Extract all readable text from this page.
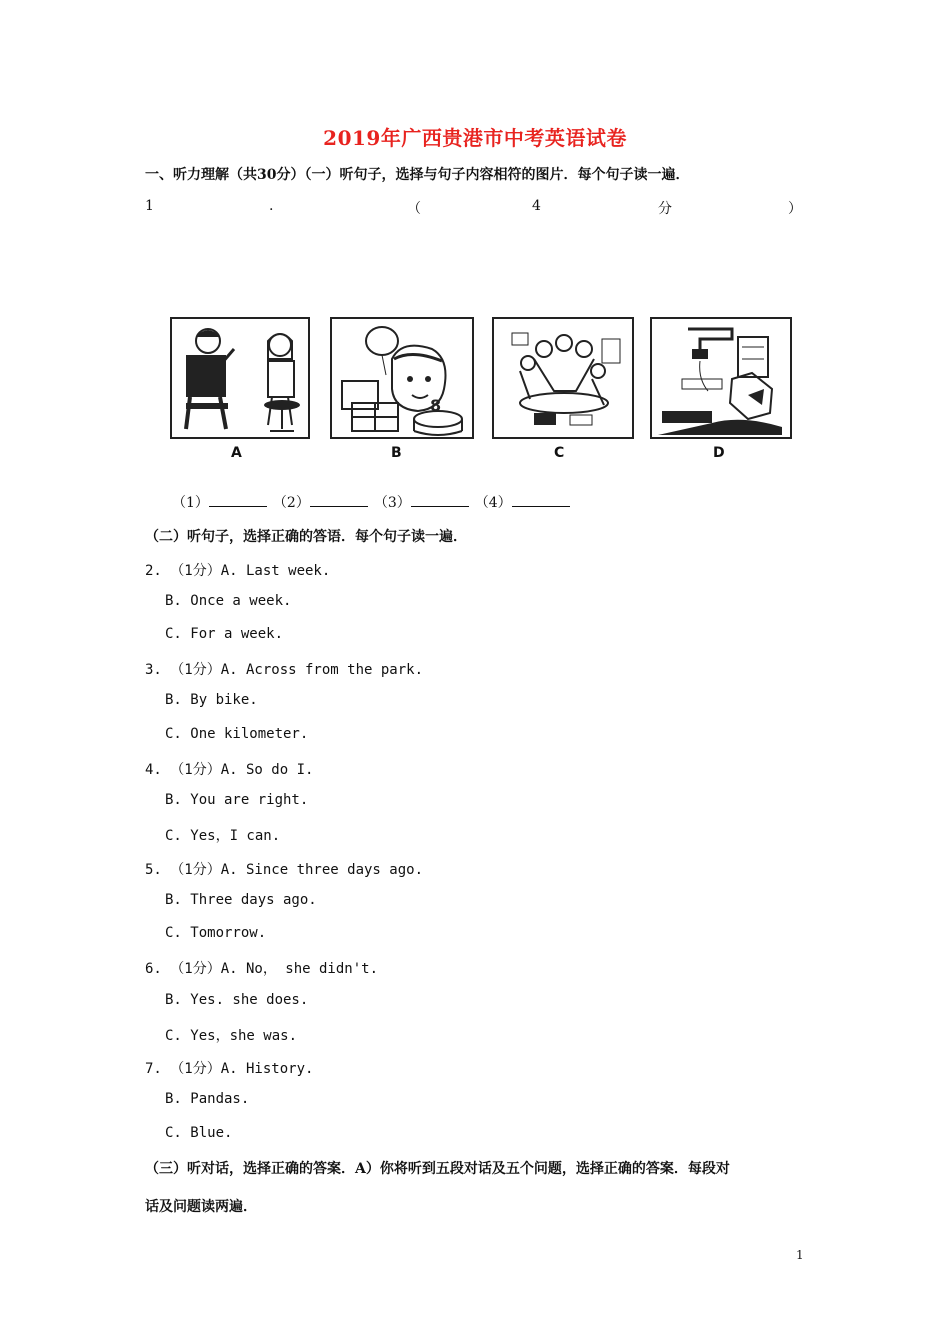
2019年广西贵港市中考英语试卷
一、听力理解（共30分）（一）听句子，选择与句子内容相符的图片．每个句子读一遍．
1	.	（	4	分	）
8
A	B	C	D
（1）	（2）	（3）	（4）
（二）听句子，选择正确的答语．每个句子读一遍．
2. （1分）A. Last week.
B. Once a week.
C. For a week.
3. （1分）A. Across from the park.
B. By bike.
C. One kilometer.
4. （1分）A. So do I.
B. You are right.
C. Yes，I can.
5. （1分）A. Since three days ago.
B. Three days ago.
C. Tomorrow.
6. （1分）A. No， she didn't.
B. Yes. she does.
C. Yes，she was.
7. （1分）A. History.
B. Pandas.
C. Blue.
（三）听对话，选择正确的答案．A）你将听到五段对话及五个问题，选择正确的答案．每段对
话及问题读两遍．
1
